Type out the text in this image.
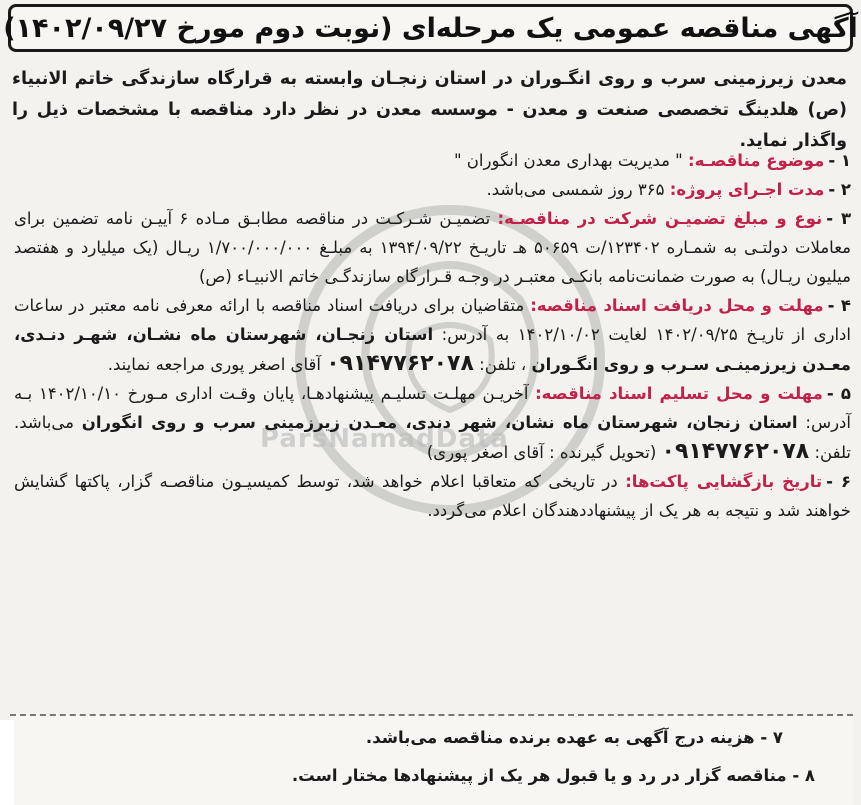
آگهی مناقصه عمومی یک مرحله‌ای (نوبت دوم مورخ ۱۴۰۲/۰۹/۲۷)
ParsNamadData
معدن زیرزمینی سرب و روی انگـوران در استان زنجـان وابسته به قرارگاه سازندگی خاتم الانبیاء (ص) هلدینگ تخصصی صنعت و معدن - موسسه معدن در نظر دارد مناقصه با مشخصات ذیل را واگذار نماید.
۱ -موضوع مناقصـه: " مدیریت بهداری معدن انگوران "
۲ -مدت اجـرای پروژه: ۳۶۵ روز شمسی می‌باشد.
۳ -نوع و مبلغ تضمیـن شرکت در مناقصـه: تضمیـن شـرکـت در مناقصه مطابـق مـاده ۶ آییـن نامه تضمین برای معاملات دولتـی به شمـاره ۱۲۳۴۰۲/ت ۵۰۶۵۹ هـ تاریـخ ۱۳۹۴/۰۹/۲۲ به مبلـغ ۱/۷۰۰/۰۰۰/۰۰۰ ریـال (یک میلیارد و هفتصد میلیون ریـال) به صورت ضمانت‌نامه بانکـی معتبـر در وجـه قـرارگاه سازندگـی خاتم الانبیـاء (ص)
۴ -مهلت و محل دریافت اسناد مناقصه: متقاضیان برای دریافت اسناد مناقصه با ارائه معرفی نامه معتبر در ساعات اداری از تاریـخ ۱۴۰۲/۰۹/۲۵ لغایت ۱۴۰۲/۱۰/۰۲ به آدرس: استان زنجـان، شهرستان ماه نشـان، شهـر دنـدی، معـدن زیرزمینـی سـرب و روی انگـوران ، تلفن: ۰۹۱۴۷۷۶۲۰۷۸ آقای اصغر پوری مراجعه نمایند.
۵ -مهلت و محل تسلیم اسناد مناقصه: آخریـن مهلـت تسلیـم پیشنهادهـا، پایان وقـت اداری مـورخ ۱۴۰۲/۱۰/۱۰ بـه آدرس: استان زنجان، شهرستان ماه نشان، شهر دندی، معـدن زیرزمینی سرب و روی انگوران می‌باشد. تلفن: ۰۹۱۴۷۷۶۲۰۷۸ (تحویل گیرنده : آقای اصغر پوری)
۶ -تاریخ بازگشایی پاکت‌ها: در تاریخی که متعاقبا اعلام خواهد شد، توسط کمیسیـون مناقصـه گزار، پاکتها گشایش خواهند شد و نتیجه به هر یک از پیشنهاددهندگان اعلام می‌گردد.
۷ - هزینه درج آگهی به عهده برنده مناقصه می‌باشد.
۸ - مناقصه گزار در رد و یا قبول هر یک از پیشنهادها مختار است.
